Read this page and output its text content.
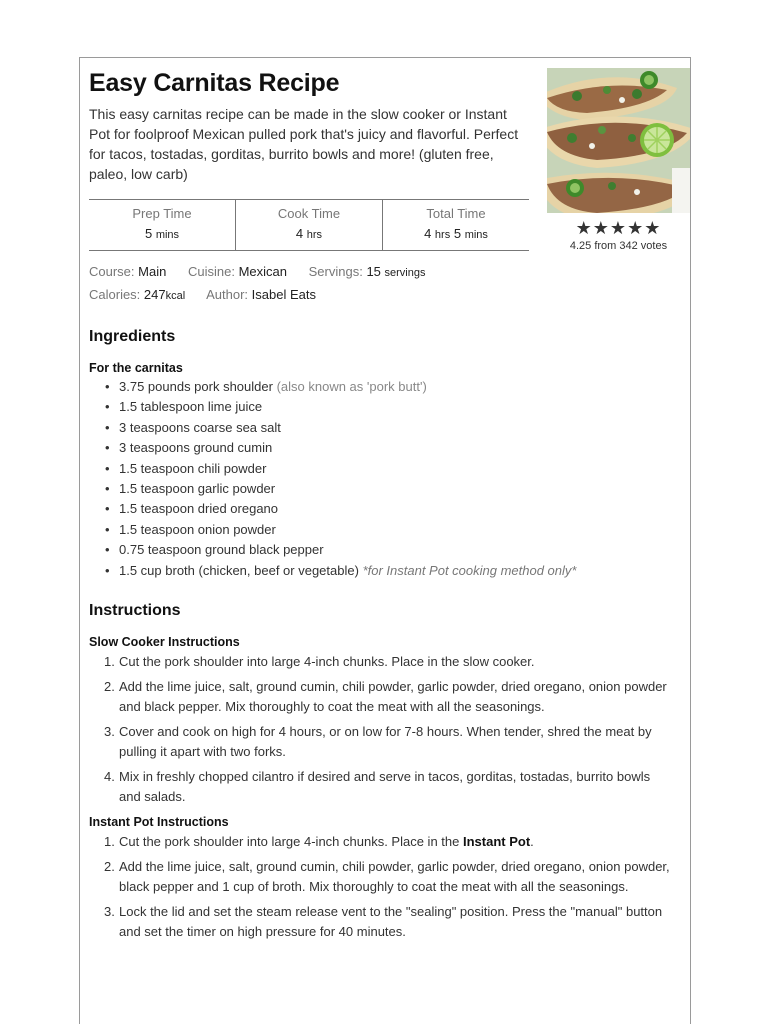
★★★★★
4.25 from 342 votes
Easy Carnitas Recipe
This easy carnitas recipe can be made in the slow cooker or Instant Pot for foolproof Mexican pulled pork that's juicy and flavorful. Perfect for tacos, tostadas, gorditas, burrito bowls and more! (gluten free, paleo, low carb)
Prep Time
5 mins
Cook Time
4 hrs
Total Time
4 hrs 5 mins
Course: Main Cuisine: Mexican Servings: 15 servings
Calories: 247kcal Author: Isabel Eats
Ingredients
For the carnitas
• 3.75 pounds pork shoulder (also known as 'pork butt')
• 1.5 tablespoon lime juice
• 3 teaspoons coarse sea salt
• 3 teaspoons ground cumin
• 1.5 teaspoon chili powder
• 1.5 teaspoon garlic powder
• 1.5 teaspoon dried oregano
• 1.5 teaspoon onion powder
• 0.75 teaspoon ground black pepper
• 1.5 cup broth (chicken, beef or vegetable) *for Instant Pot cooking method only*
Instructions
Slow Cooker Instructions
1. Cut the pork shoulder into large 4-inch chunks. Place in the slow cooker.
2. Add the lime juice, salt, ground cumin, chili powder, garlic powder, dried oregano, onion powder and black pepper. Mix thoroughly to coat the meat with all the seasonings.
3. Cover and cook on high for 4 hours, or on low for 7-8 hours. When tender, shred the meat by pulling it apart with two forks.
4. Mix in freshly chopped cilantro if desired and serve in tacos, gorditas, tostadas, burrito bowls and salads.
Instant Pot Instructions
1. Cut the pork shoulder into large 4-inch chunks. Place in the Instant Pot.
2. Add the lime juice, salt, ground cumin, chili powder, garlic powder, dried oregano, onion powder, black pepper and 1 cup of broth. Mix thoroughly to coat the meat with all the seasonings.
3. Lock the lid and set the steam release vent to the "sealing" position. Press the "manual" button and set the timer on high pressure for 40 minutes.
